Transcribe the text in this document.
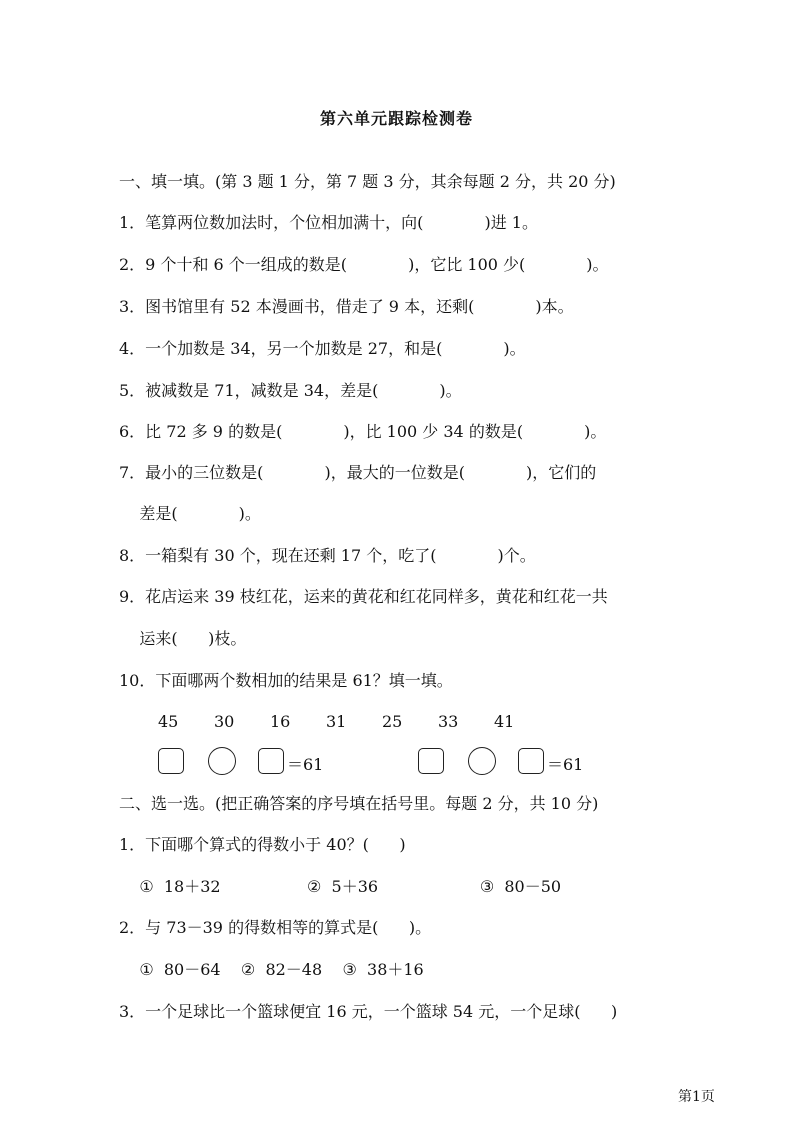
第六单元跟踪检测卷
一、填一填。(第 3 题 1 分，第 7 题 3 分，其余每题 2 分，共 20 分)
1．笔算两位数加法时，个位相加满十，向(            )进 1。
2．9 个十和 6 个一组成的数是(            )，它比 100 少(            )。
3．图书馆里有 52 本漫画书，借走了 9 本，还剩(            )本。
4．一个加数是 34，另一个加数是 27，和是(            )。
5．被减数是 71，减数是 34，差是(            )。
6．比 72 多 9 的数是(            )，比 100 少 34 的数是(            )。
7．最小的三位数是(            )，最大的一位数是(            )，它们的
差是(            )。
8．一箱梨有 30 个，现在还剩 17 个，吃了(            )个。
9．花店运来 39 枝红花，运来的黄花和红花同样多，黄花和红花一共
运来(      )枝。
10．下面哪两个数相加的结果是 61？填一填。
45 30 16 31 25 33 41
＝61	＝61
二、选一选。(把正确答案的序号填在括号里。每题 2 分，共 10 分)
1．下面哪个算式的得数小于 40？(      )
①  18＋32                 ②  5＋36                    ③  80－50
2．与 73－39 的得数相等的算式是(      )。
①  80－64    ②  82－48    ③  38＋16
3．一个足球比一个篮球便宜 16 元，一个篮球 54 元，一个足球(      )
第1页
